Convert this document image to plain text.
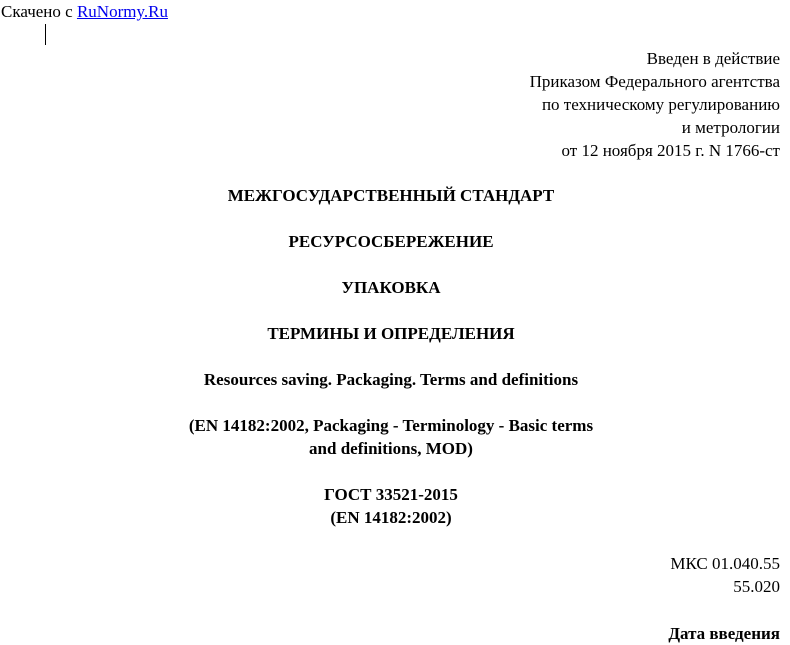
Скачено с RuNormy.Ru
Введен в действие
Приказом Федерального агентства
по техническому регулированию
и метрологии
от 12 ноября 2015 г. N 1766-ст
МЕЖГОСУДАРСТВЕННЫЙ СТАНДАРТ
РЕСУРСОСБЕРЕЖЕНИЕ
УПАКОВКА
ТЕРМИНЫ И ОПРЕДЕЛЕНИЯ
Resources saving. Packaging. Terms and definitions
(EN 14182:2002, Packaging - Terminology - Basic terms
and definitions, MOD)
ГОСТ 33521-2015
(EN 14182:2002)
МКС 01.040.55
55.020
Дата введения
